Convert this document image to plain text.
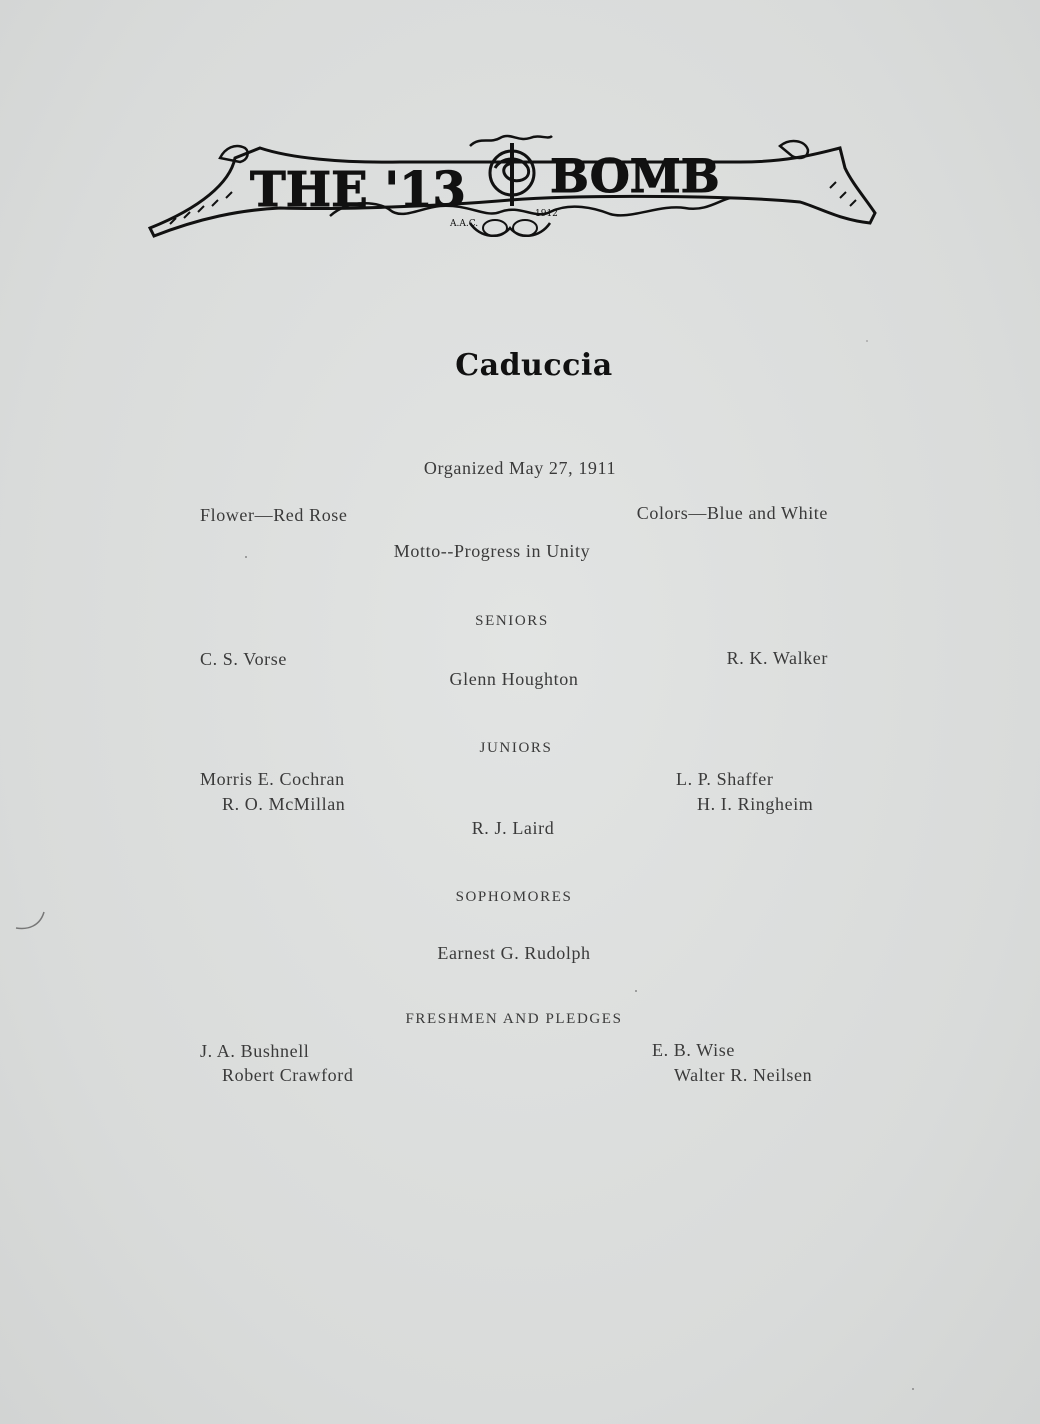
THE '13 BOMB
A.A.C.
1912
Caduccia
Organized May 27, 1911
Flower—Red Rose	Colors—Blue and White
Motto--Progress in Unity
SENIORS
C. S. Vorse
Glenn Houghton
R. K. Walker
JUNIORS
Morris E. Cochran
R. O. McMillan
L. P. Shaffer
H. I. Ringheim
R. J. Laird
SOPHOMORES
Earnest G. Rudolph
FRESHMEN AND PLEDGES
J. A. Bushnell
Robert Crawford
E. B. Wise
Walter R. Neilsen
